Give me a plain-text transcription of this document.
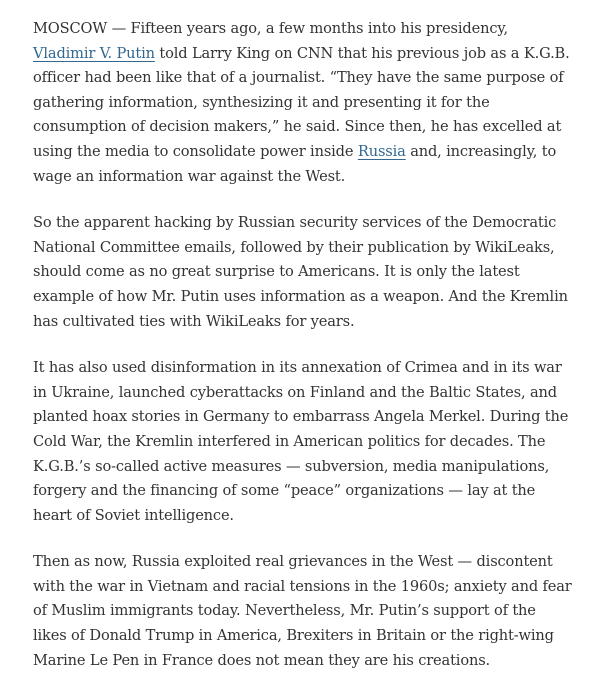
MOSCOW — Fifteen years ago, a few months into his presidency, Vladimir V. Putin told Larry King on CNN that his previous job as a K.G.B. officer had been like that of a journalist. “They have the same purpose of gathering information, synthesizing it and presenting it for the consumption of decision makers,” he said. Since then, he has excelled at using the media to consolidate power inside Russia and, increasingly, to wage an information war against the West.

So the apparent hacking by Russian security services of the Democratic National Committee emails, followed by their publication by WikiLeaks, should come as no great surprise to Americans. It is only the latest example of how Mr. Putin uses information as a weapon. And the Kremlin has cultivated ties with WikiLeaks for years.

It has also used disinformation in its annexation of Crimea and in its war in Ukraine, launched cyberattacks on Finland and the Baltic States, and planted hoax stories in Germany to embarrass Angela Merkel. During the Cold War, the Kremlin interfered in American politics for decades. The K.G.B.’s so-called active measures — subversion, media manipulations, forgery and the financing of some “peace” organizations — lay at the heart of Soviet intelligence.

Then as now, Russia exploited real grievances in the West — discontent with the war in Vietnam and racial tensions in the 1960s; anxiety and fear of Muslim immigrants today. Nevertheless, Mr. Putin’s support of the likes of Donald Trump in America, Brexiters in Britain or the right-wing Marine Le Pen in France does not mean they are his creations.
